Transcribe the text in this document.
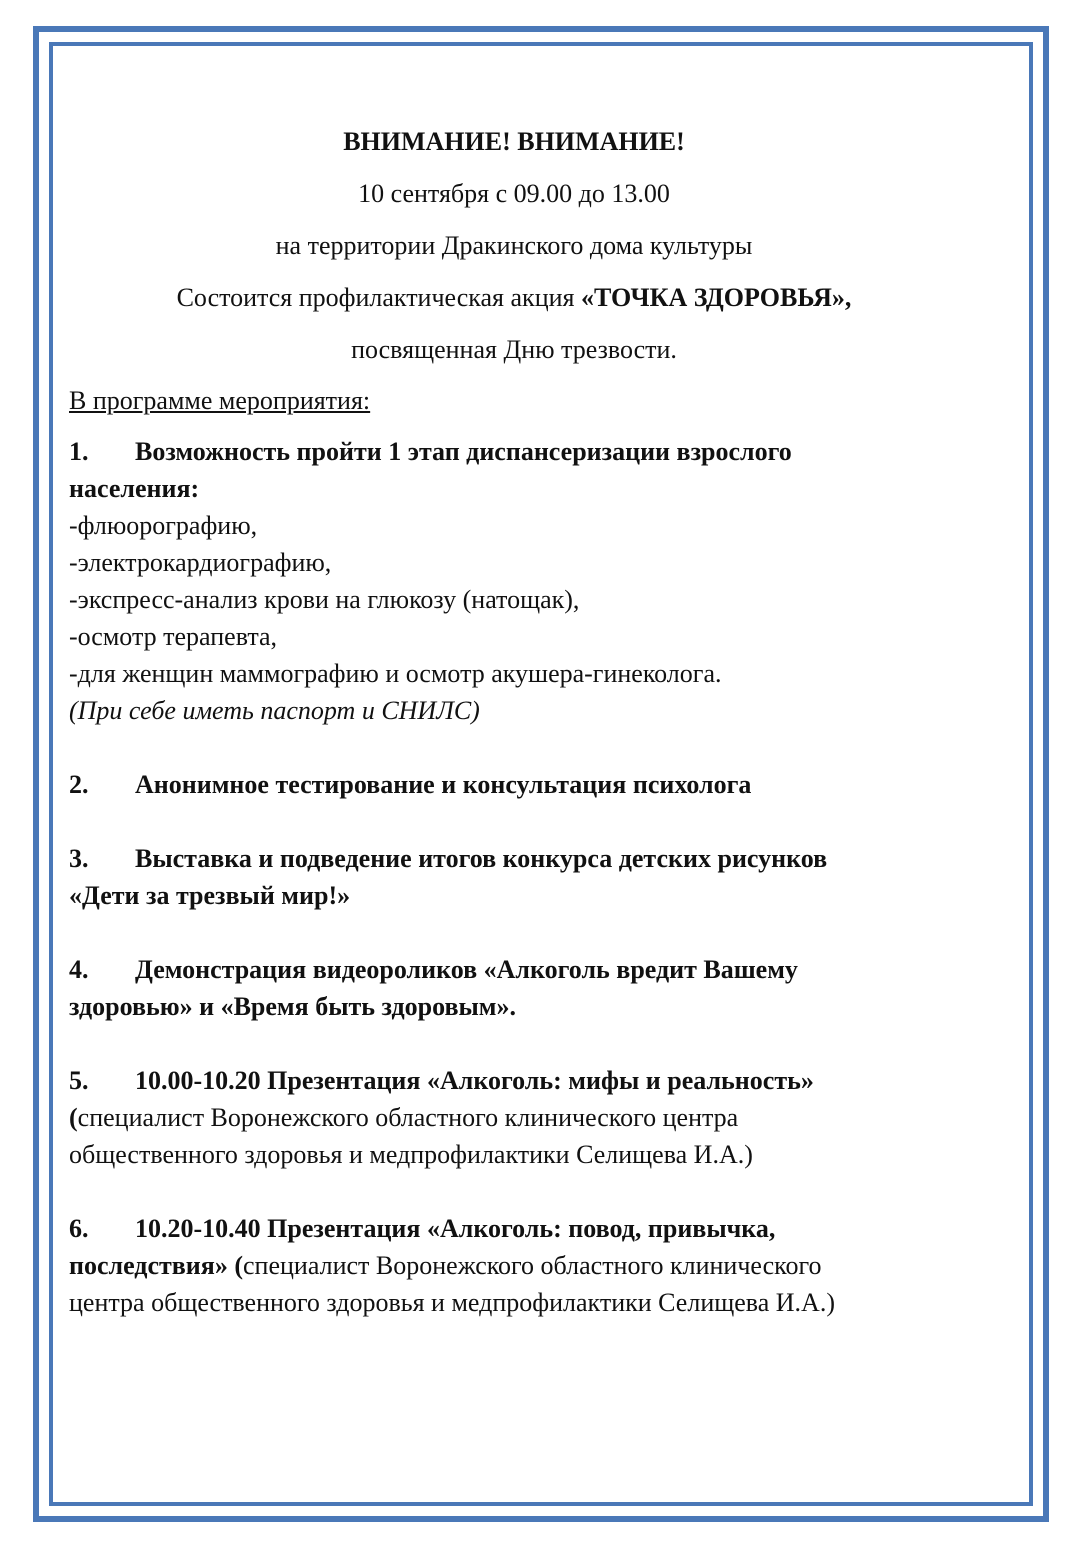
ВНИМАНИЕ! ВНИМАНИЕ!

10 сентября с 09.00 до 13.00

на территории Дракинского дома культуры

Состоится профилактическая акция «ТОЧКА ЗДОРОВЬЯ»,

посвященная Дню трезвости.

В программе мероприятия:

1. Возможность пройти 1 этап диспансеризации взрослого

населения:

-флюорографию,

-электрокардиографию,

-экспресс-анализ крови на глюкозу (натощак),

-осмотр терапевта,

-для женщин маммографию и осмотр акушера-гинеколога.

(При себе иметь паспорт и СНИЛС)

2. Анонимное тестирование и консультация психолога

3. Выставка и подведение итогов конкурса детских рисунков

«Дети за трезвый мир!»

4. Демонстрация видеороликов «Алкоголь вредит Вашему

здоровью» и «Время быть здоровым».

5. 10.00-10.20 Презентация «Алкоголь: мифы и реальность»

(специалист Воронежского областного клинического центра

общественного здоровья и медпрофилактики Селищева И.А.)

6. 10.20-10.40 Презентация «Алкоголь: повод, привычка,

последствия» (специалист Воронежского областного клинического

центра общественного здоровья и медпрофилактики Селищева И.А.)
